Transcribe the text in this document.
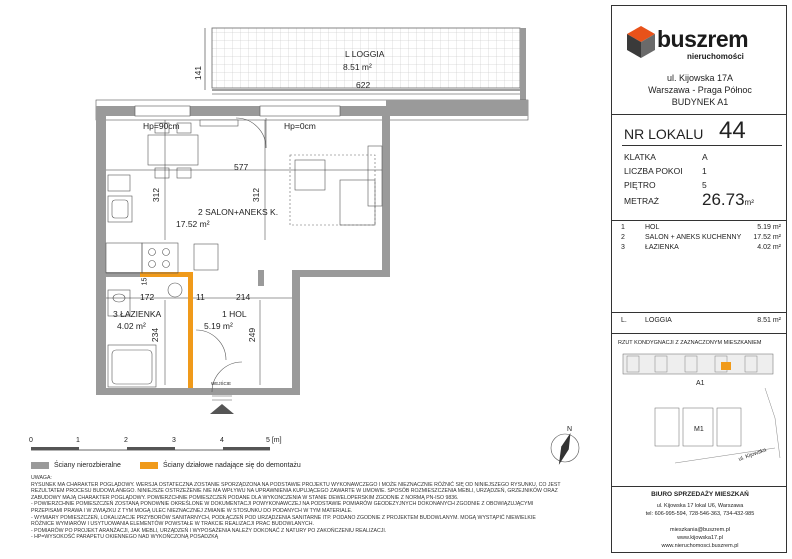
L LOGGIA
8.51 m²
622
141
Hp=90cm	Hp=0cm
577
312	312
2 SALON+ANEKS K.
17.52 m²
172	11	214
15
3 ŁAZIENKA
4.02 m²
234
1 HOL
5.19 m²
249
WEJŚCIE
0	1	2	3	4	5 [m]
N
Ściany nierozbieralne	Ściany działowe nadające się do demontażu
UWAGA:
RYSUNEK MA CHARAKTER POGLĄDOWY. WERSJA OSTATECZNA ZOSTANIE SPORZĄDZONA NA PODSTAWIE PROJEKTU WYKONAWCZEGO I MOŻE NIEZNACZNIE RÓŻNIĆ SIĘ OD NINIEJSZEGO RYSUNKU, CO JEST
REZULTATEM PROCESU BUDOWLANEGO. NINIEJSZE OSTRZEŻENIE NIE MA WPŁYWU NA UPRAWNIENIA KUPUJĄCEGO ZAWARTE W UMOWIE. SPOSÓB ROZMIESZCZENIA MEBLI, URZĄDZEŃ, GRZEJNIKÓW ORAZ
ZABUDOWY MAJĄ CHARAKTER POGLĄDOWY. POWIERZCHNIE POMIESZCZEŃ PODANE DLA WYKONCZENIA W STANIE DEWELOPERSKIM ZGODNIE Z NORMĄ PN-ISO 9836.
- POWIERZCHNIE POMIESZCZEŃ ZOSTANĄ PONOWNIE OKREŚLONE W DOKUMENTACJI POWYKONAWCZEJ NA PODSTAWIE POMIARÓW GEODEZYJNYCH DOKONANYCH ZGODNIE Z OBOWIĄZUJĄCYMI
PRZEPISAMI PRAWA I W ZWIĄZKU Z TYM MOGĄ ULEC NIEZNACZNEJ ZMIANIE W STOSUNKU DO PODANYCH W TYM MATERIALE.
- WYMIARY POMIESZCZEŃ, LOKALIZACJE PRZYBORÓW SANITARNYCH, PODŁĄCZEŃ POD URZĄDZENIA SANITARNE ITP. PODANO ZGODNIE Z PROJEKTEM BUDOWLANYM. MOGĄ WYSTĄPIĆ NIEWIELKIE
RÓŻNICE WYMIARÓW I USYTUOWANIA ELEMENTÓW POWSTAŁE W TRAKCIE REALIZACJI PRAC BUDOWLANYCH.
- POMIARÓW PO PROJEKT ARANŻACJI, JAK MEBLI, URZĄDZEŃ I WYPOSAŻENIA NALEŻY DOKONAĆ Z NATURY PO ZAKOŃCZENIU REALIZACJI.
- HP=WYSOKOŚĆ PARAPETU OKIENNEGO NAD WYKOŃCZONĄ POSADZKĄ
buszrem
nieruchomości
ul. Kijowska 17A
Warszawa - Praga Północ
BUDYNEK A1
NR LOKALU 44
KLATKA	A
LICZBA POKOI 1
PIĘTRO	5
METRAŻ	26.73m²
1	HOL	5.19 m²
2	SALON + ANEKS KUCHENNY 17.52 m²
3	ŁAZIENKA	4.02 m²
L.	LOGGIA	8.51 m²
RZUT KONDYGNACJI Z ZAZNACZONYM MIESZKANIEM
A1
M1
ul. Kijowska
BIURO SPRZEDAŻY MIESZKAŃ
ul. Kijowska 17 lokal U6, Warszawa
tel: 606-995-594, 728-546-363, 734-432-985
mieszkania@buszrem.pl
www.kijowska17.pl
www.nieruchomosci.buszrem.pl
